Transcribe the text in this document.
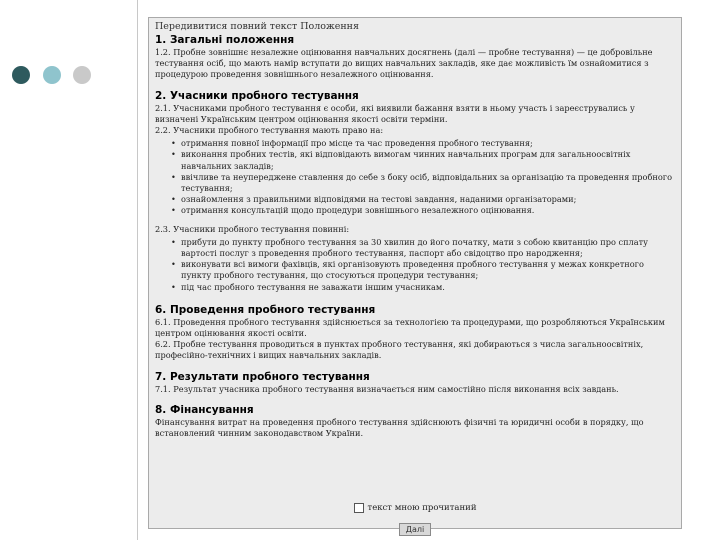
Передивитися повний текст Положення
1. Загальні положення

1.2. Пробне зовнішнє незалежне оцінювання навчальних досягнень (далі — пробне тестування) — це добровільне тестування осіб, що мають намір вступати до вищих навчальних закладів, яке дає можливість їм ознайомитися з процедурою проведення зовнішнього незалежного оцінювання.

2. Учасники пробного тестування

2.1. Учасниками пробного тестування є особи, які виявили бажання взяти в ньому участь і зареєструвались у визначені Українським центром оцінювання якості освіти терміни.

2.2. Учасники пробного тестування мають право на:

• отримання повної інформації про місце та час проведення пробного тестування;
• виконання пробних тестів, які відповідають вимогам чинних навчальних програм для загальноосвітніх навчальних закладів;
• ввічливе та неупереджене ставлення до себе з боку осіб, відповідальних за організацію та проведення пробного тестування;
• ознайомлення з правильними відповідями на тестові завдання, наданими організаторами;
• отримання консультацій щодо процедури зовнішнього незалежного оцінювання.

2.3. Учасники пробного тестування повинні:

• прибути до пункту пробного тестування за 30 хвилин до його початку, мати з собою квитанцію про сплату вартості послуг з проведення пробного тестування, паспорт або свідоцтво про народження;
• виконувати всі вимоги фахівців, які організовують проведення пробного тестування у межах конкретного пункту пробного тестування, що стосуються процедури тестування;
• під час пробного тестування не заважати іншим учасникам.
6. Проведення пробного тестування

6.1. Проведення пробного тестування здійснюється за технологією та процедурами, що розробляються Українським центром оцінювання якості освіти.

6.2. Пробне тестування проводиться в пунктах пробного тестування, які добираються з числа загальноосвітніх, професійно-технічних і вищих навчальних закладів.

7. Результати пробного тестування

7.1. Результат учасника пробного тестування визначається ним самостійно після виконання всіх завдань.

8. Фінансування

Фінансування витрат на проведення пробного тестування здійснюють фізичні та юридичні особи в порядку, що встановлений чинним законодавством України.

текст мною прочитаний

Далі
